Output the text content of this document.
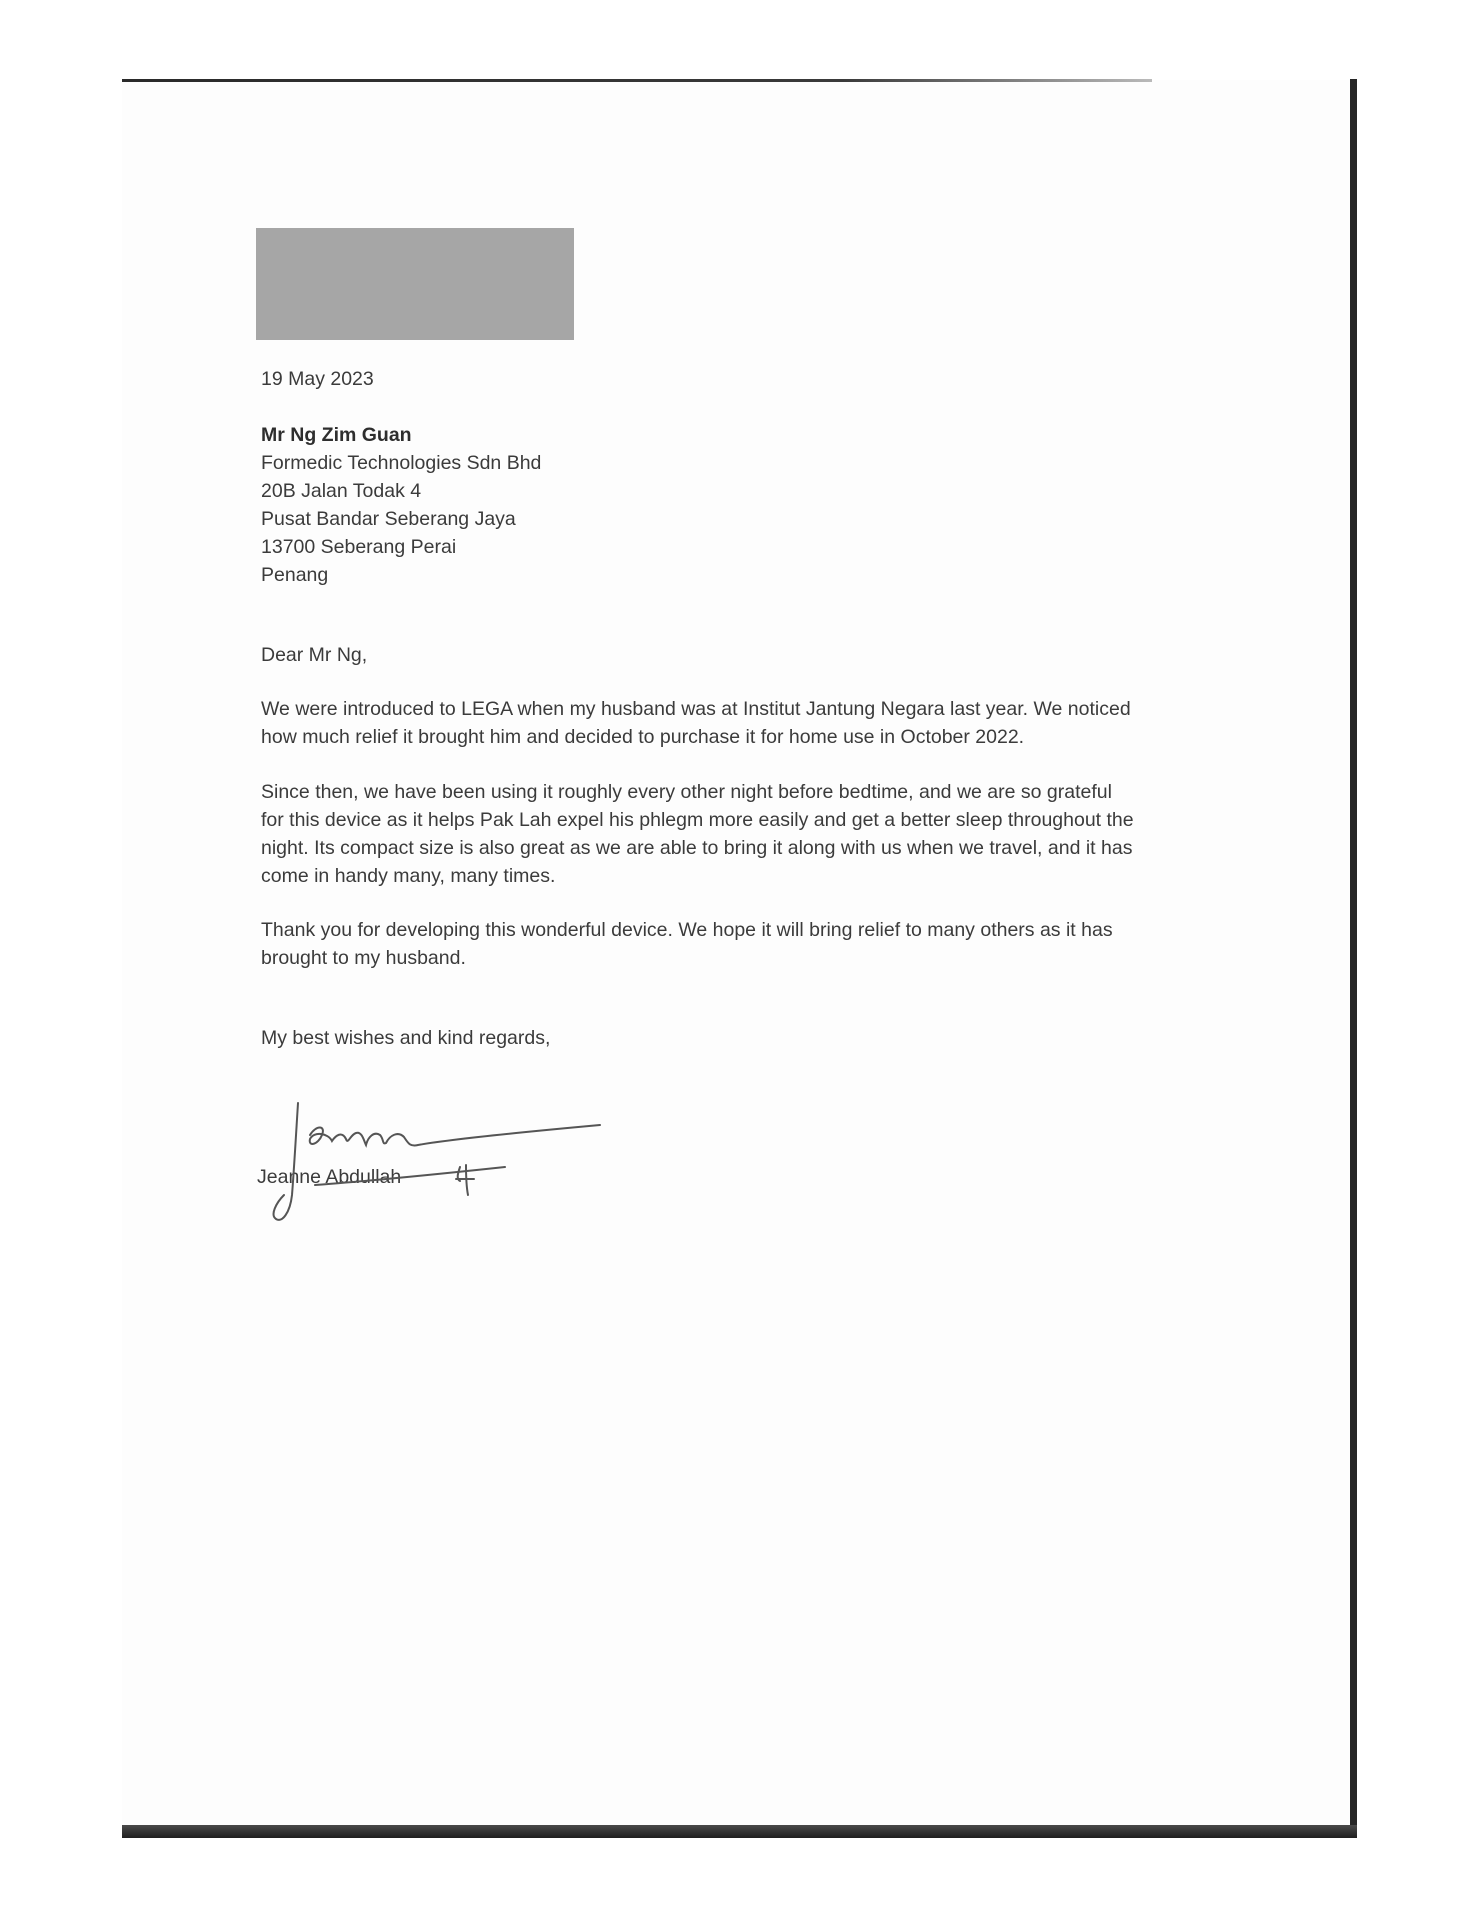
19 May 2023
Mr Ng Zim Guan
Formedic Technologies Sdn Bhd
20B Jalan Todak 4
Pusat Bandar Seberang Jaya
13700 Seberang Perai
Penang
Dear Mr Ng,
We were introduced to LEGA when my husband was at Institut Jantung Negara last year. We noticed
how much relief it brought him and decided to purchase it for home use in October 2022.
Since then, we have been using it roughly every other night before bedtime, and we are so grateful
for this device as it helps Pak Lah expel his phlegm more easily and get a better sleep throughout the
night. Its compact size is also great as we are able to bring it along with us when we travel, and it has
come in handy many, many times.
Thank you for developing this wonderful device. We hope it will bring relief to many others as it has
brought to my husband.
My best wishes and kind regards,
Jeanne Abdullah
